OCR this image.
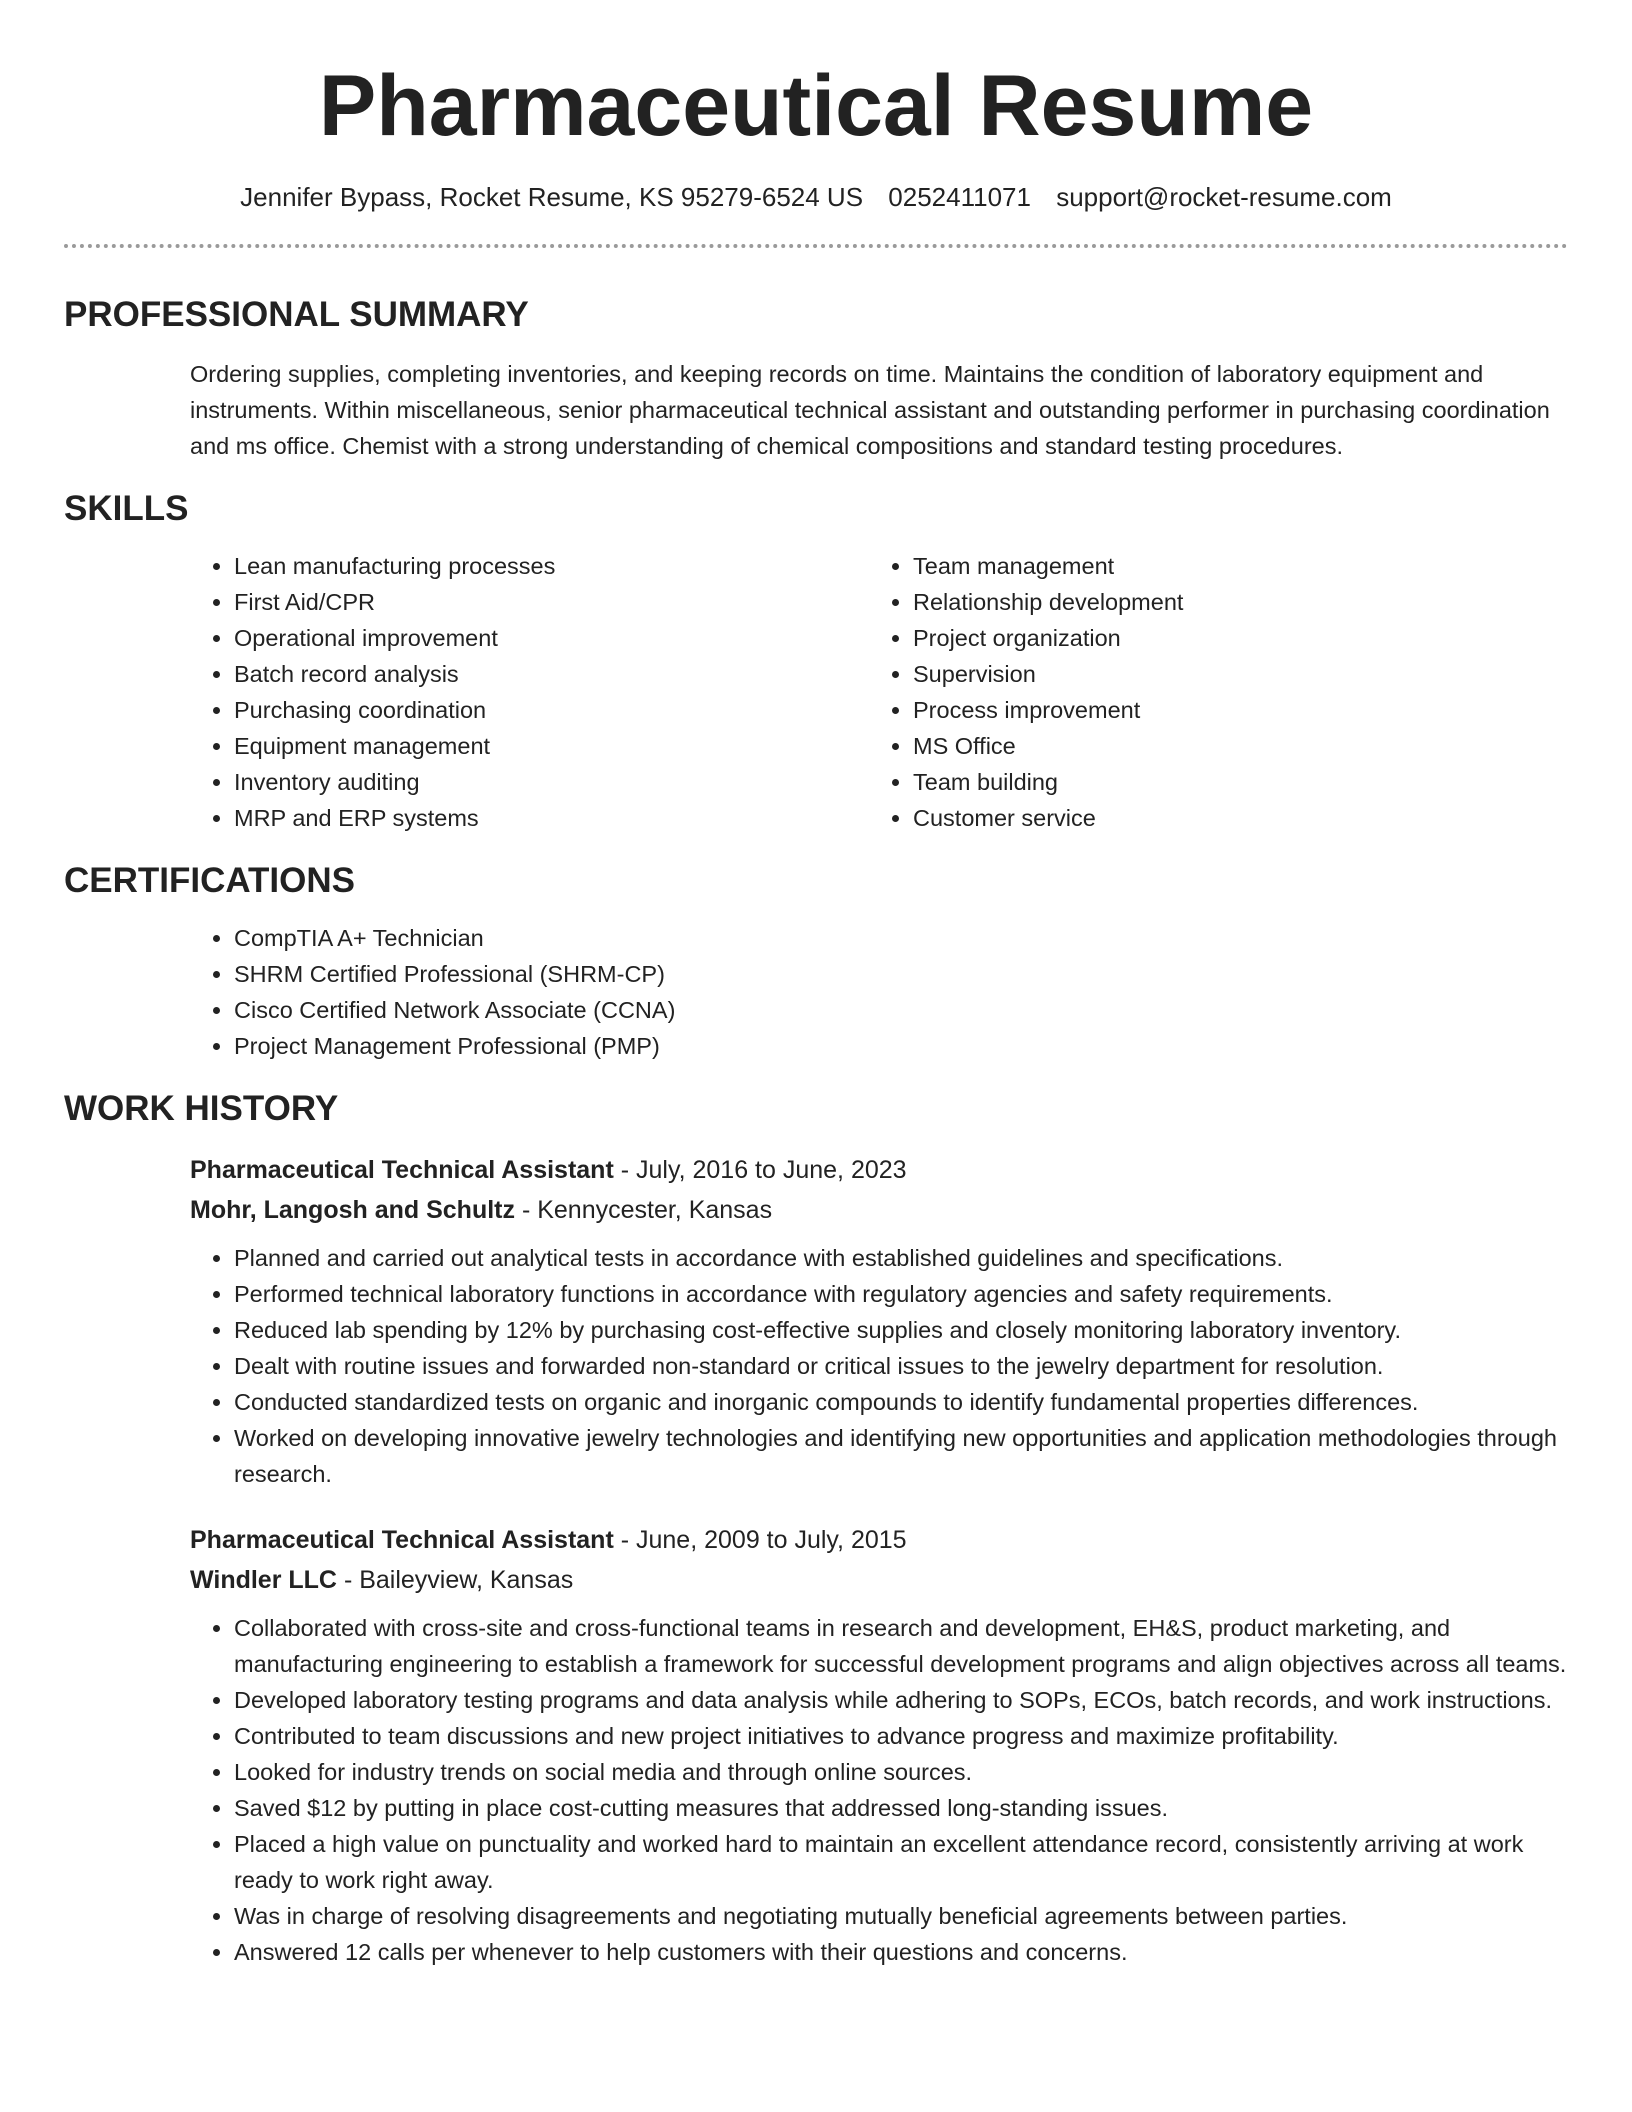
Pharmaceutical Resume
Jennifer Bypass, Rocket Resume, KS 95279-6524 US 0252411071 support@rocket-resume.com
PROFESSIONAL SUMMARY
Ordering supplies, completing inventories, and keeping records on time. Maintains the condition of laboratory equipment and instruments. Within miscellaneous, senior pharmaceutical technical assistant and outstanding performer in purchasing coordination and ms office. Chemist with a strong understanding of chemical compositions and standard testing procedures.
SKILLS
• Lean manufacturing processes
• First Aid/CPR
• Operational improvement
• Batch record analysis
• Purchasing coordination
• Equipment management
• Inventory auditing
• MRP and ERP systems
• Team management
• Relationship development
• Project organization
• Supervision
• Process improvement
• MS Office
• Team building
• Customer service
CERTIFICATIONS
• CompTIA A+ Technician
• SHRM Certified Professional (SHRM-CP)
• Cisco Certified Network Associate (CCNA)
• Project Management Professional (PMP)
WORK HISTORY
Pharmaceutical Technical Assistant - July, 2016 to June, 2023
Mohr, Langosh and Schultz - Kennycester, Kansas
• Planned and carried out analytical tests in accordance with established guidelines and specifications.
• Performed technical laboratory functions in accordance with regulatory agencies and safety requirements.
• Reduced lab spending by 12% by purchasing cost-effective supplies and closely monitoring laboratory inventory.
• Dealt with routine issues and forwarded non-standard or critical issues to the jewelry department for resolution.
• Conducted standardized tests on organic and inorganic compounds to identify fundamental properties differences.
• Worked on developing innovative jewelry technologies and identifying new opportunities and application methodologies through research.
Pharmaceutical Technical Assistant - June, 2009 to July, 2015
Windler LLC - Baileyview, Kansas
• Collaborated with cross-site and cross-functional teams in research and development, EH&S, product marketing, and manufacturing engineering to establish a framework for successful development programs and align objectives across all teams.
• Developed laboratory testing programs and data analysis while adhering to SOPs, ECOs, batch records, and work instructions.
• Contributed to team discussions and new project initiatives to advance progress and maximize profitability.
• Looked for industry trends on social media and through online sources.
• Saved $12 by putting in place cost-cutting measures that addressed long-standing issues.
• Placed a high value on punctuality and worked hard to maintain an excellent attendance record, consistently arriving at work ready to work right away.
• Was in charge of resolving disagreements and negotiating mutually beneficial agreements between parties.
• Answered 12 calls per whenever to help customers with their questions and concerns.
